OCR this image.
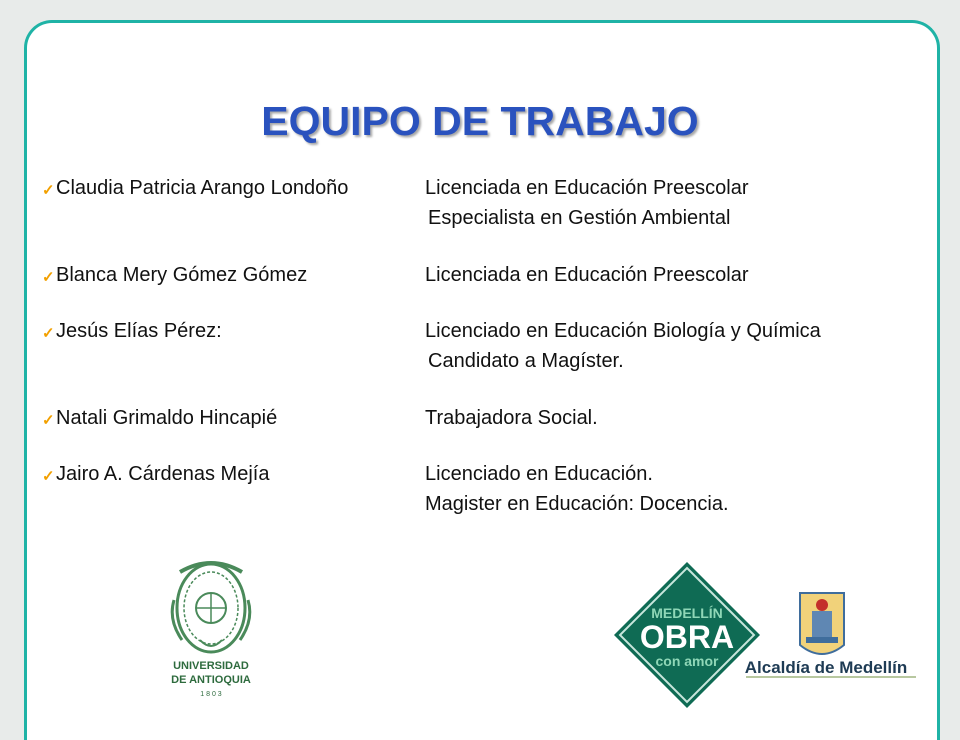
EQUIPO DE TRABAJO
✓ Claudia Patricia Arango Londoño	Licenciada en Educación Preescolar
Especialista en Gestión Ambiental
✓ Blanca Mery Gómez Gómez	Licenciada en Educación Preescolar
✓ Jesús Elías Pérez:	Licenciado en Educación Biología y Química
Candidato a Magíster.
✓ Natali Grimaldo Hincapié	Trabajadora Social.
✓ Jairo A. Cárdenas Mejía	Licenciado en Educación.
Magister en Educación: Docencia.
UNIVERSIDAD
DE ANTIOQUIA
1 8 0 3
MEDELLÍN
OBRA
con amor Alcaldía de Medellín
